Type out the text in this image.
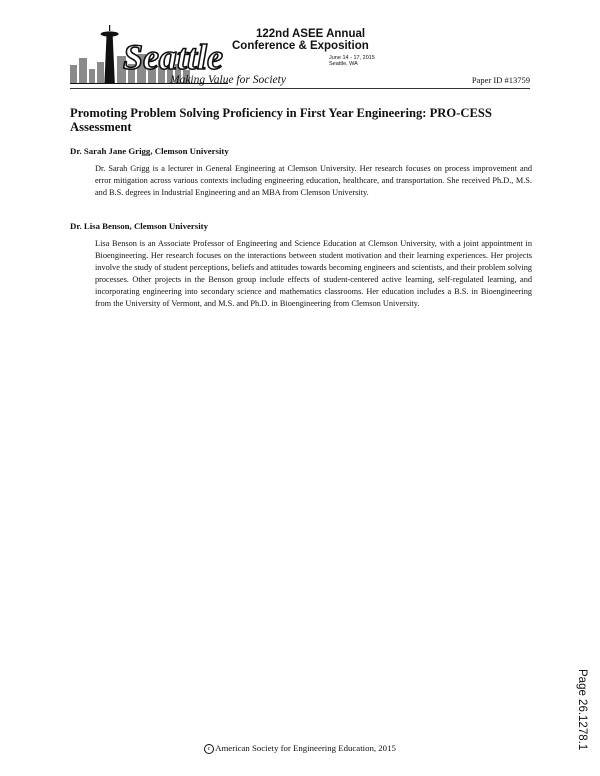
Seattle
Making Value for Society
122nd ASEE Annual
Conference & Exposition
June 14 - 17, 2015
Seattle, WA
Paper ID #13759
Promoting Problem Solving Proficiency in First Year Engineering: PRO-CESS Assessment
Dr. Sarah Jane Grigg, Clemson University

Dr. Sarah Grigg is a lecturer in General Engineering at Clemson University. Her research focuses on process improvement and error mitigation across various contexts including engineering education, healthcare, and transportation. She received Ph.D., M.S. and B.S. degrees in Industrial Engineering and an MBA from Clemson University.

Dr. Lisa Benson, Clemson University

Lisa Benson is an Associate Professor of Engineering and Science Education at Clemson University, with a joint appointment in Bioengineering. Her research focuses on the interactions between student motivation and their learning experiences. Her projects involve the study of student perceptions, beliefs and attitudes towards becoming engineers and scientists, and their problem solving processes. Other projects in the Benson group include effects of student-centered active learning, self-regulated learning, and incorporating engineering into secondary science and mathematics classrooms. Her education includes a B.S. in Bioengineering from the University of Vermont, and M.S. and Ph.D. in Bioengineering from Clemson University.

c American Society for Engineering Education, 2015	Page 26.1278.1
